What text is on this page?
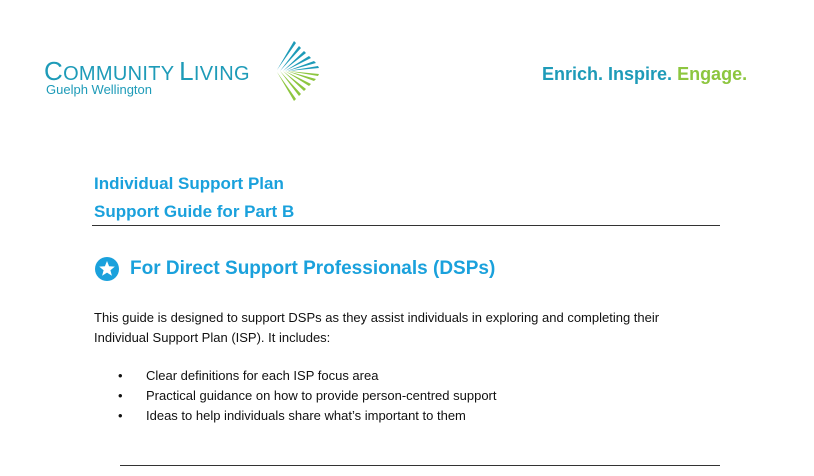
COMMUNITY LIVING
Guelph Wellington
Enrich. Inspire. Engage.
Individual Support Plan
Support Guide for Part B
For Direct Support Professionals (DSPs)
This guide is designed to support DSPs as they assist individuals in exploring and completing their Individual Support Plan (ISP). It includes:
•	Clear definitions for each ISP focus area
•	Practical guidance on how to provide person-centred support
•	Ideas to help individuals share what’s important to them
